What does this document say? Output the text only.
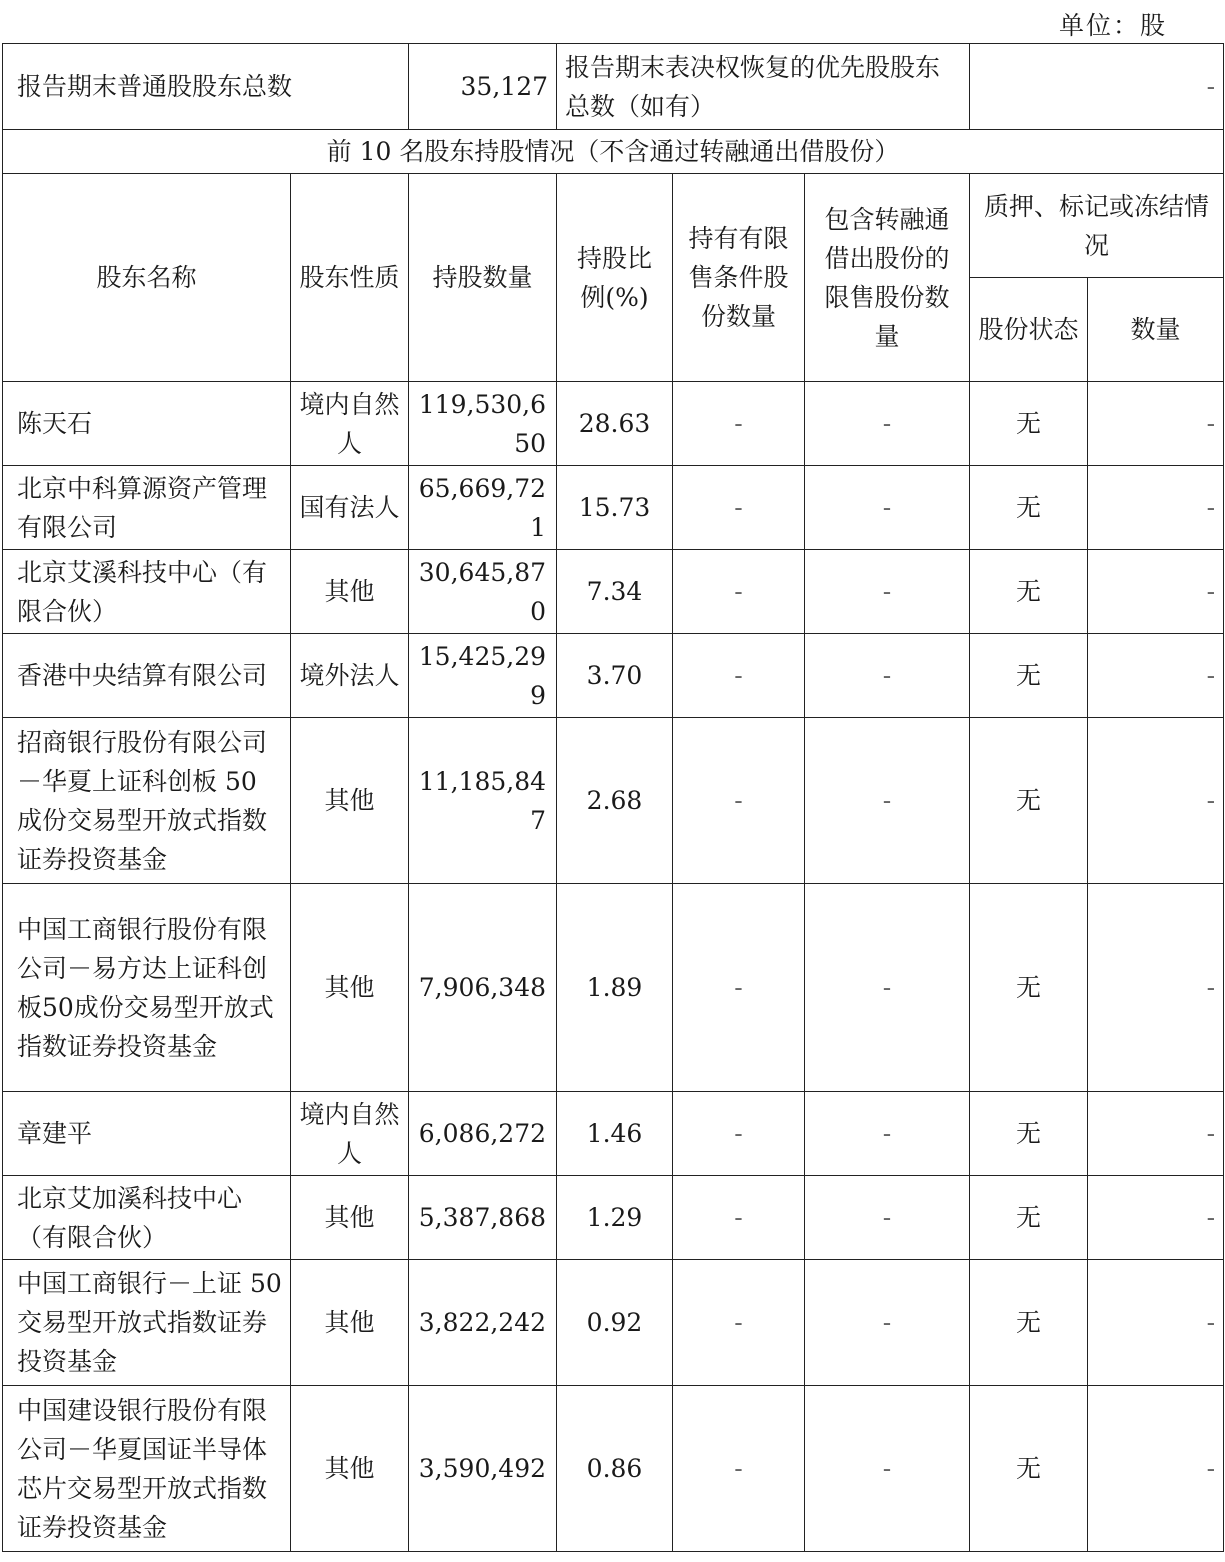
单位：股
报告期末普通股股东总数		35,127	报告期末表决权恢复的优先股股东总数（如有）			-	
前 10 名股东持股情况（不含通过转融通出借股份）							
股东名称	股东性质	持股数量	持股比例(%)	持有有限售条件股份数量	包含转融通借出股份的限售股份数量	质押、标记或冻结情况	
						股份状态	数量
陈天石	境内自然人	119,530,650	28.63	-	-	无	-
北京中科算源资产管理有限公司	国有法人	65,669,721	15.73	-	-	无	-
北京艾溪科技中心（有限合伙）	其他	30,645,870	7.34	-	-	无	-
香港中央结算有限公司	境外法人	15,425,299	3.70	-	-	无	-
招商银行股份有限公司－华夏上证科创板 50 成份交易型开放式指数证券投资基金	其他	11,185,847	2.68	-	-	无	-
中国工商银行股份有限公司－易方达上证科创板50成份交易型开放式指数证券投资基金	其他	7,906,348	1.89	-	-	无	-
章建平	境内自然人	6,086,272	1.46	-	-	无	-
北京艾加溪科技中心（有限合伙）	其他	5,387,868	1.29	-	-	无	-
中国工商银行－上证 50 交易型开放式指数证券投资基金	其他	3,822,242	0.92	-	-	无	-
中国建设银行股份有限公司－华夏国证半导体芯片交易型开放式指数证券投资基金	其他	3,590,492	0.86	-	-	无	-
